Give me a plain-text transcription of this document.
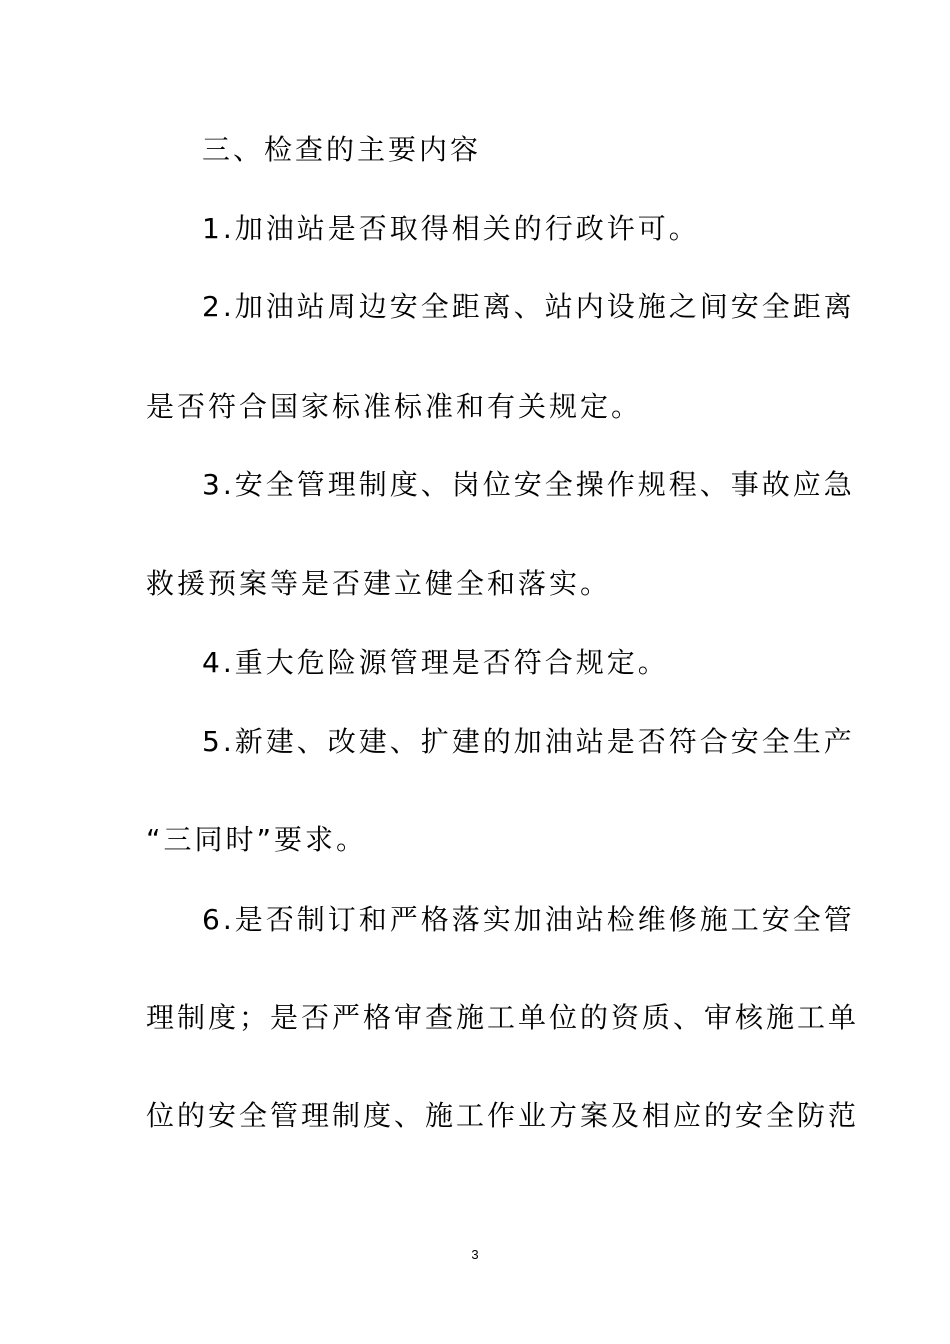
三、检查的主要内容

1.加油站是否取得相关的行政许可。

2.加油站周边安全距离、站内设施之间安全距离

是否符合国家标准标准和有关规定。

3.安全管理制度、岗位安全操作规程、事故应急

救援预案等是否建立健全和落实。

4.重大危险源管理是否符合规定。

5.新建、改建、扩建的加油站是否符合安全生产

“三同时”要求。

6.是否制订和严格落实加油站检维修施工安全管

理制度；是否严格审查施工单位的资质、审核施工单

位的安全管理制度、施工作业方案及相应的安全防范

3
